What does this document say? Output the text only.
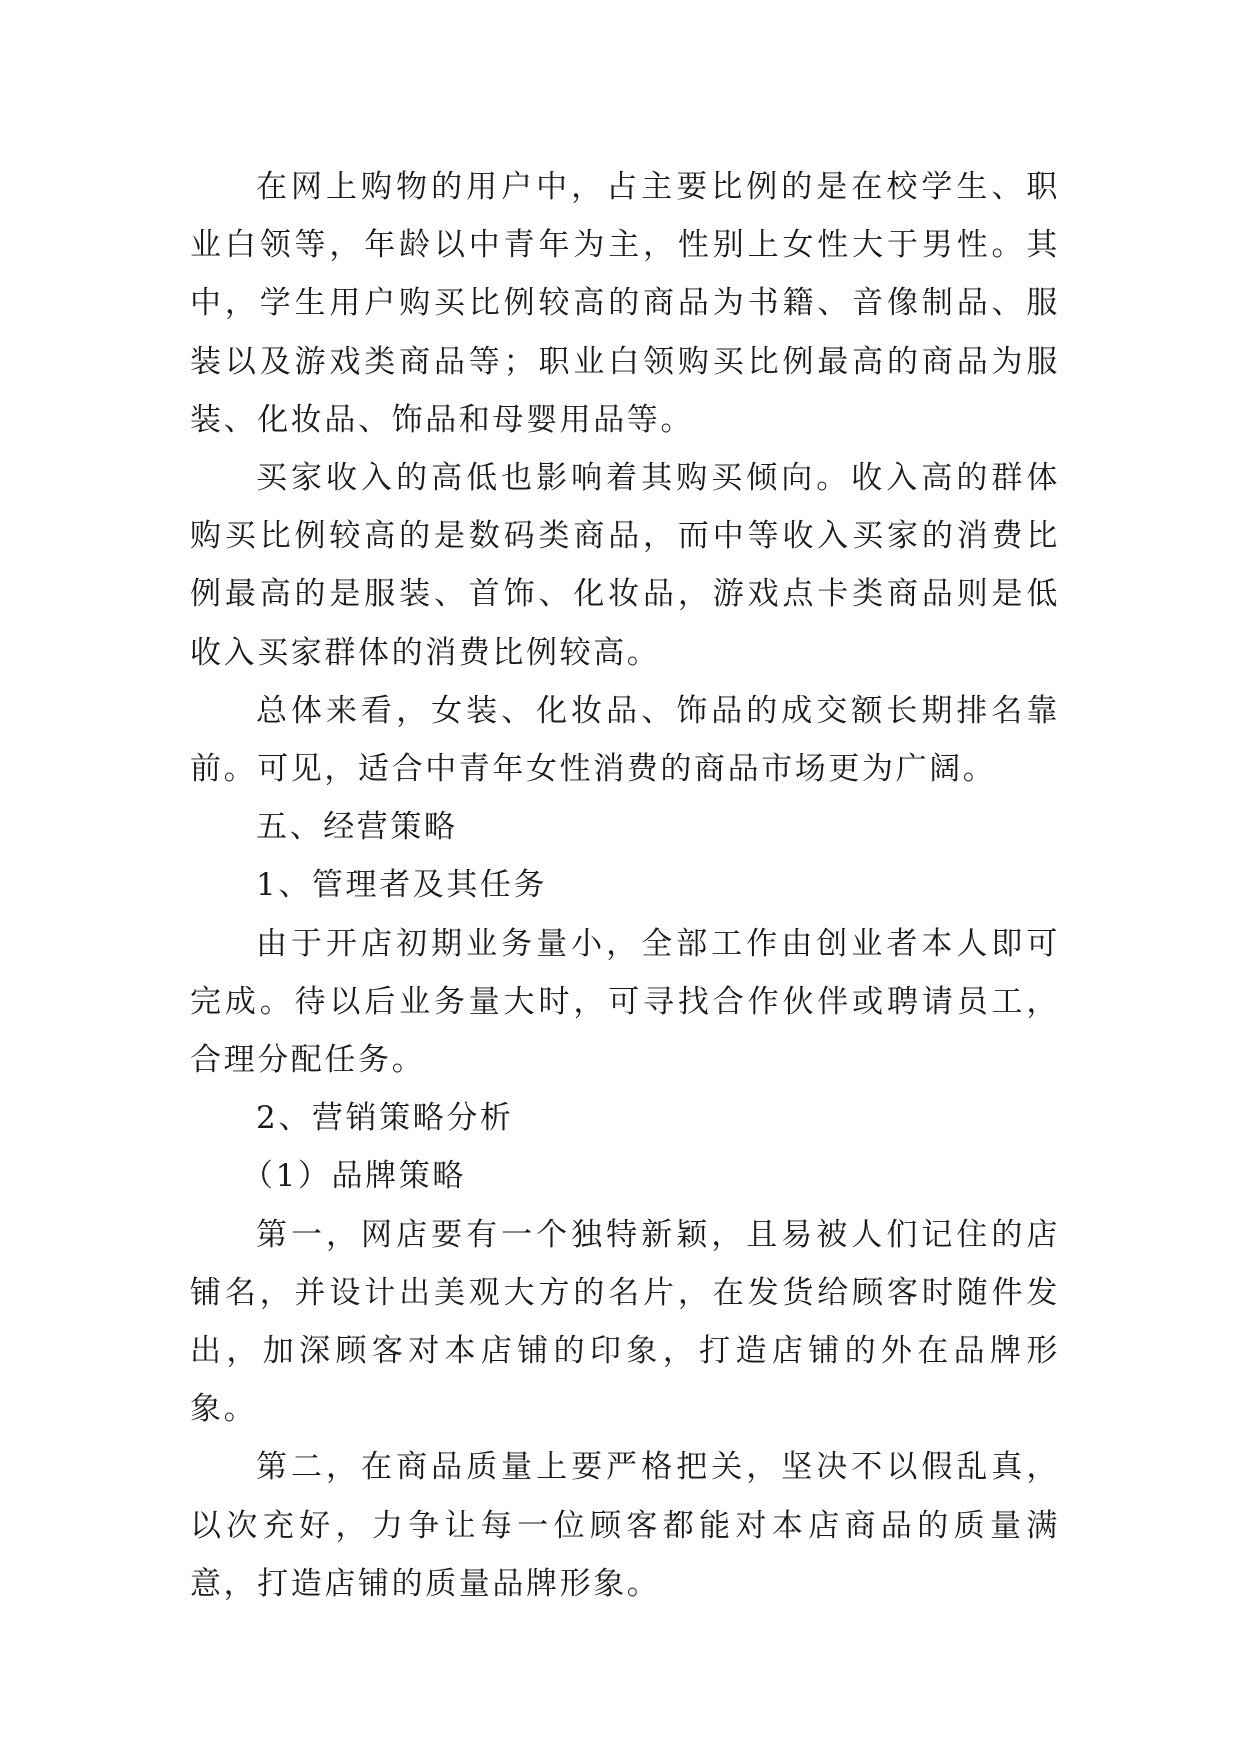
在网上购物的用户中，占主要比例的是在校学生、职业白领等，年龄以中青年为主，性别上女性大于男性。其中，学生用户购买比例较高的商品为书籍、音像制品、服装以及游戏类商品等；职业白领购买比例最高的商品为服装、化妆品、饰品和母婴用品等。

买家收入的高低也影响着其购买倾向。收入高的群体购买比例较高的是数码类商品，而中等收入买家的消费比例最高的是服装、首饰、化妆品，游戏点卡类商品则是低收入买家群体的消费比例较高。

总体来看，女装、化妆品、饰品的成交额长期排名靠前。可见，适合中青年女性消费的商品市场更为广阔。

五、经营策略

1、管理者及其任务

由于开店初期业务量小，全部工作由创业者本人即可完成。待以后业务量大时，可寻找合作伙伴或聘请员工，合理分配任务。

2、营销策略分析

（1）品牌策略

第一，网店要有一个独特新颖，且易被人们记住的店铺名，并设计出美观大方的名片，在发货给顾客时随件发出，加深顾客对本店铺的印象，打造店铺的外在品牌形象。

第二，在商品质量上要严格把关，坚决不以假乱真，以次充好，力争让每一位顾客都能对本店商品的质量满意，打造店铺的质量品牌形象。
